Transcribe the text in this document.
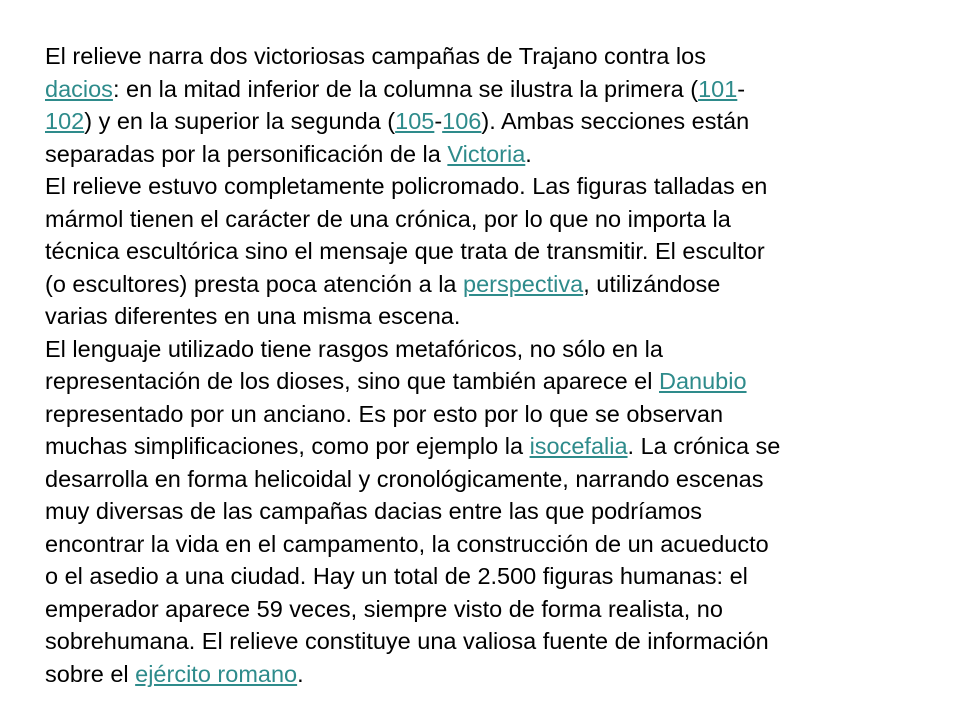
El relieve narra dos victoriosas campañas de Trajano contra los
dacios: en la mitad inferior de la columna se ilustra la primera (101-
102) y en la superior la segunda (105-106). Ambas secciones están
separadas por la personificación de la Victoria.

El relieve estuvo completamente policromado. Las figuras talladas en
mármol tienen el carácter de una crónica, por lo que no importa la
técnica escultórica sino el mensaje que trata de transmitir. El escultor
(o escultores) presta poca atención a la perspectiva, utilizándose
varias diferentes en una misma escena.

El lenguaje utilizado tiene rasgos metafóricos, no sólo en la
representación de los dioses, sino que también aparece el Danubio
representado por un anciano. Es por esto por lo que se observan
muchas simplificaciones, como por ejemplo la isocefalia. La crónica se
desarrolla en forma helicoidal y cronológicamente, narrando escenas
muy diversas de las campañas dacias entre las que podríamos
encontrar la vida en el campamento, la construcción de un acueducto
o el asedio a una ciudad. Hay un total de 2.500 figuras humanas: el
emperador aparece 59 veces, siempre visto de forma realista, no
sobrehumana. El relieve constituye una valiosa fuente de información
sobre el ejército romano.
